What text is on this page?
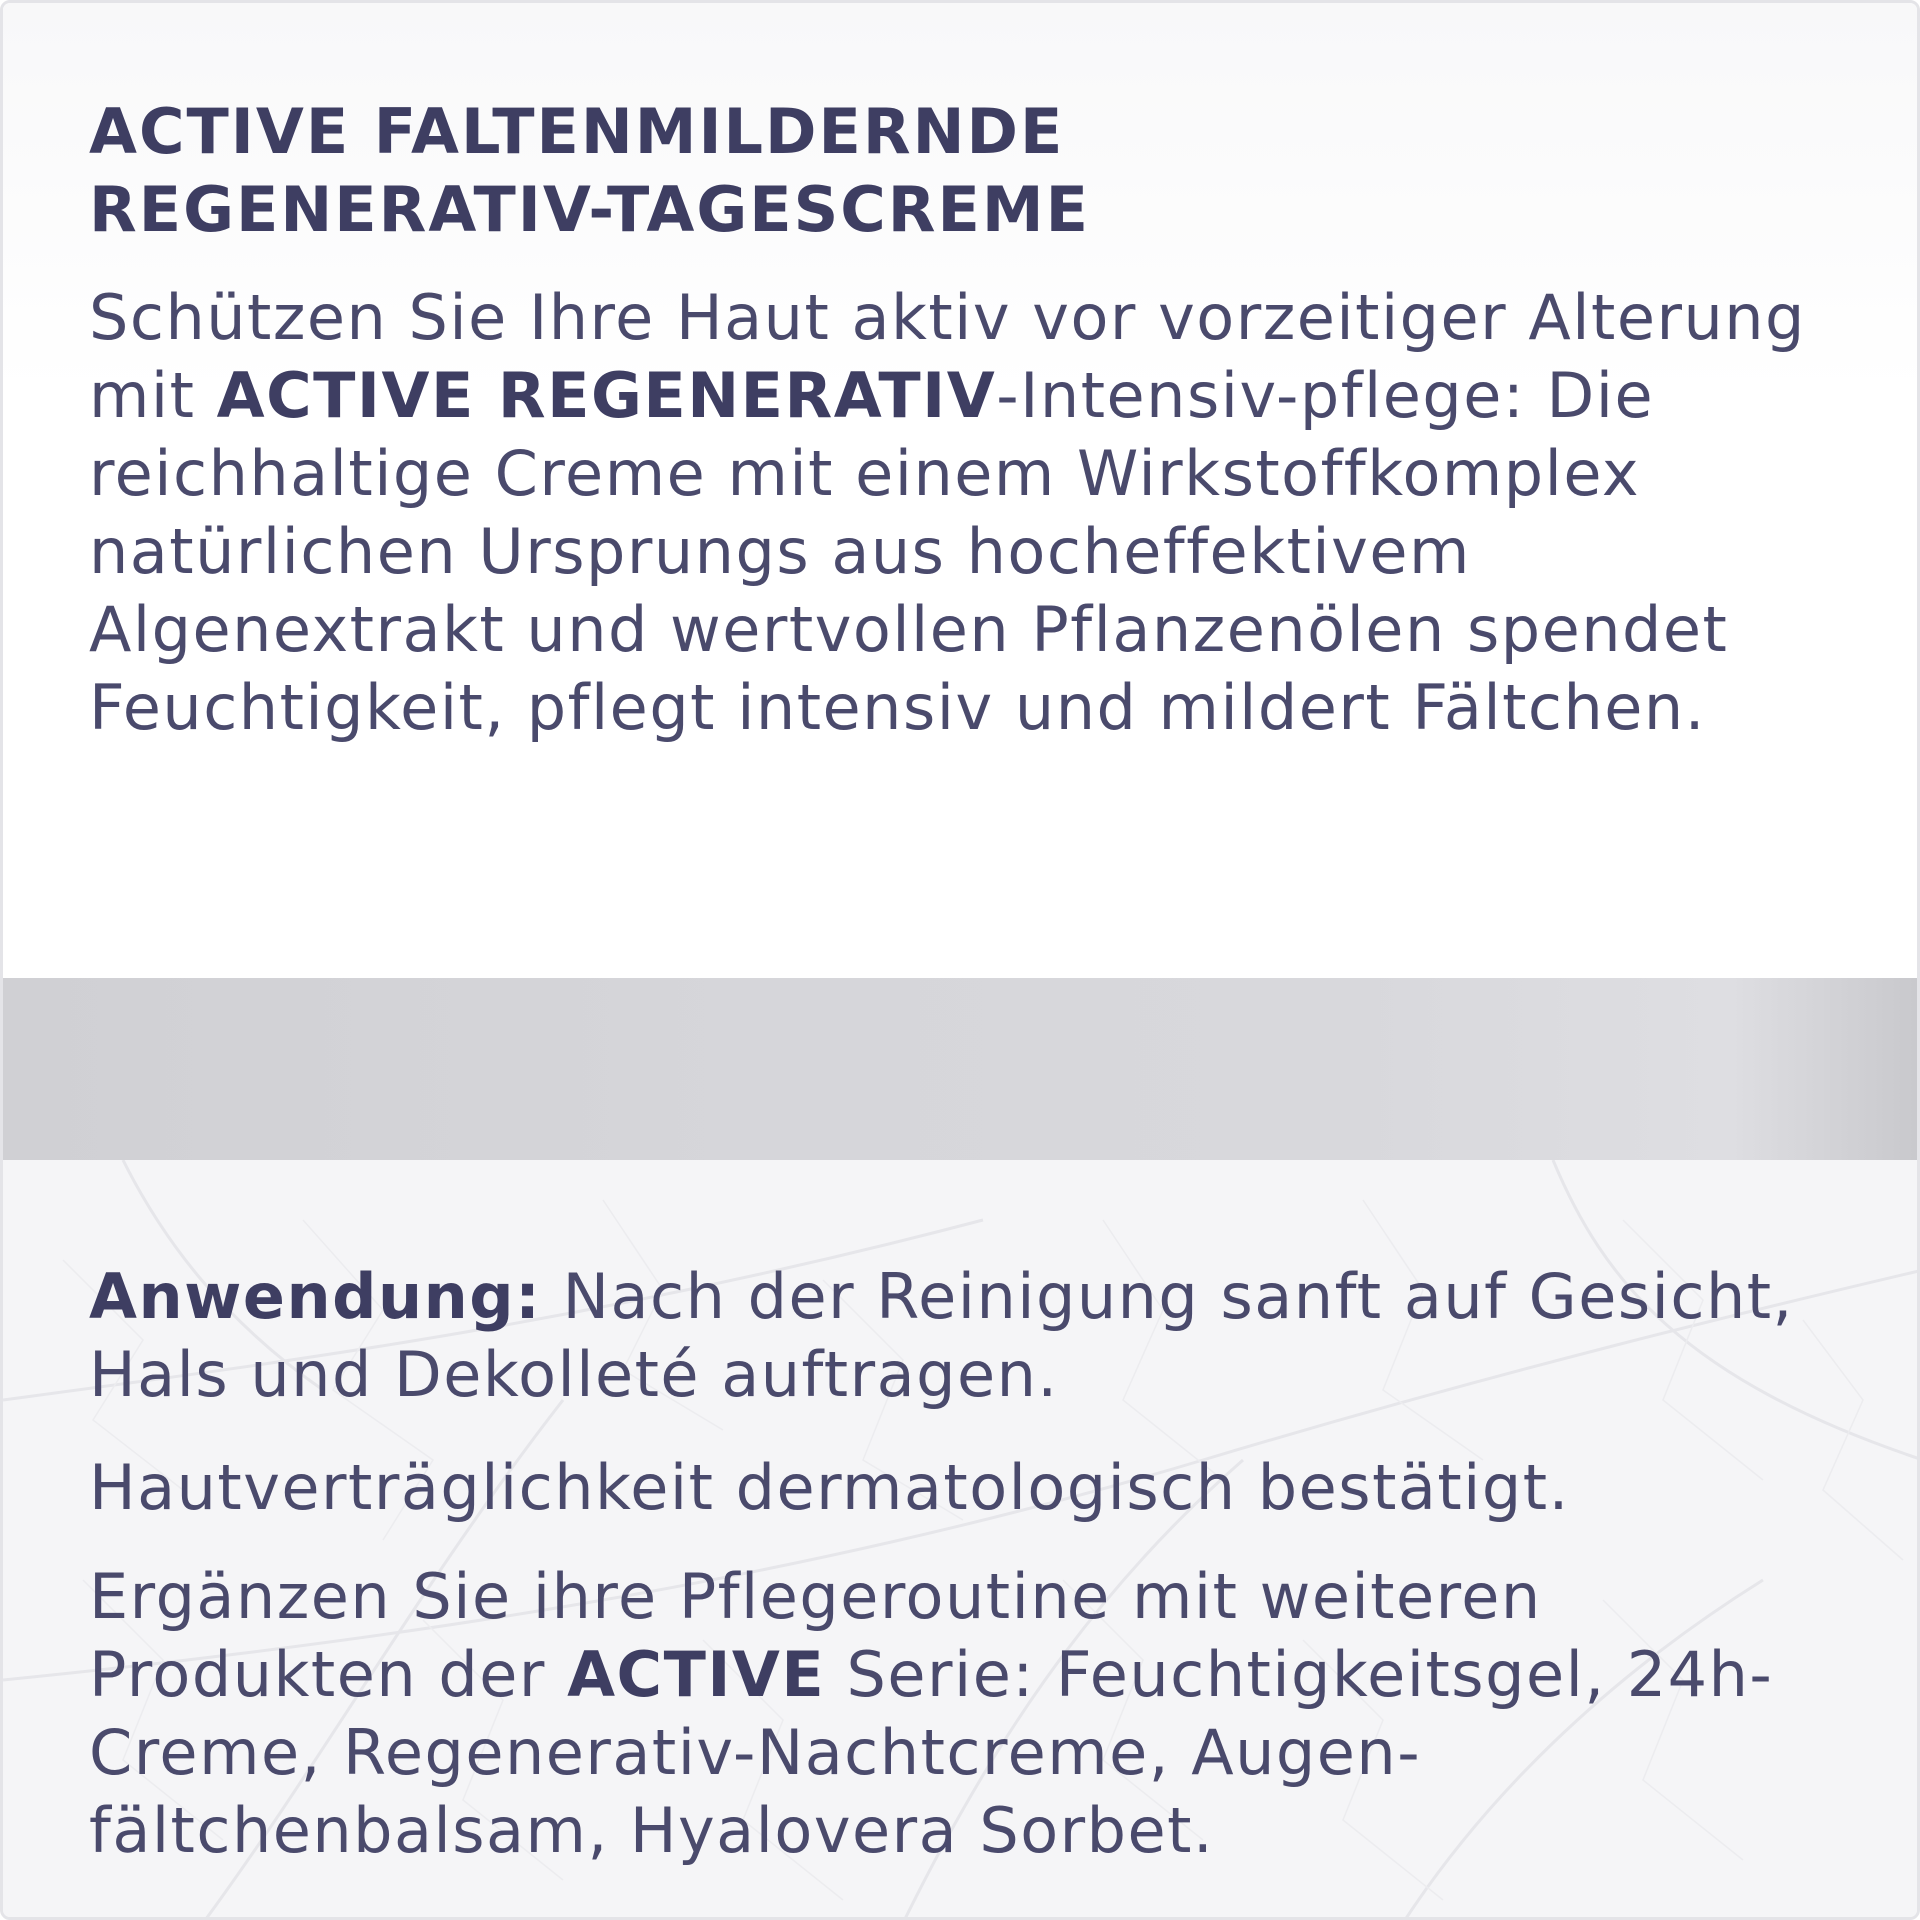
ACTIVE FALTENMILDERNDE
REGENERATIV-TAGESCREME

Schützen Sie Ihre Haut aktiv vor vorzeitiger Alterung mit ACTIVE REGENERATIV-Intensiv-pflege: Die reichhaltige Creme mit einem Wirkstoffkomplex natürlichen Ursprungs aus hocheffektivem Algenextrakt und wertvollen Pflanzenölen spendet Feuchtigkeit, pflegt intensiv und mildert Fältchen.

Anwendung: Nach der Reinigung sanft auf Gesicht, Hals und Dekolleté auftragen.

Hautverträglichkeit dermatologisch bestätigt.

Ergänzen Sie ihre Pflegeroutine mit weiteren Produkten der ACTIVE Serie: Feuchtigkeitsgel, 24h-Creme, Regenerativ-Nachtcreme, Augen-fältchenbalsam, Hyalovera Sorbet.
